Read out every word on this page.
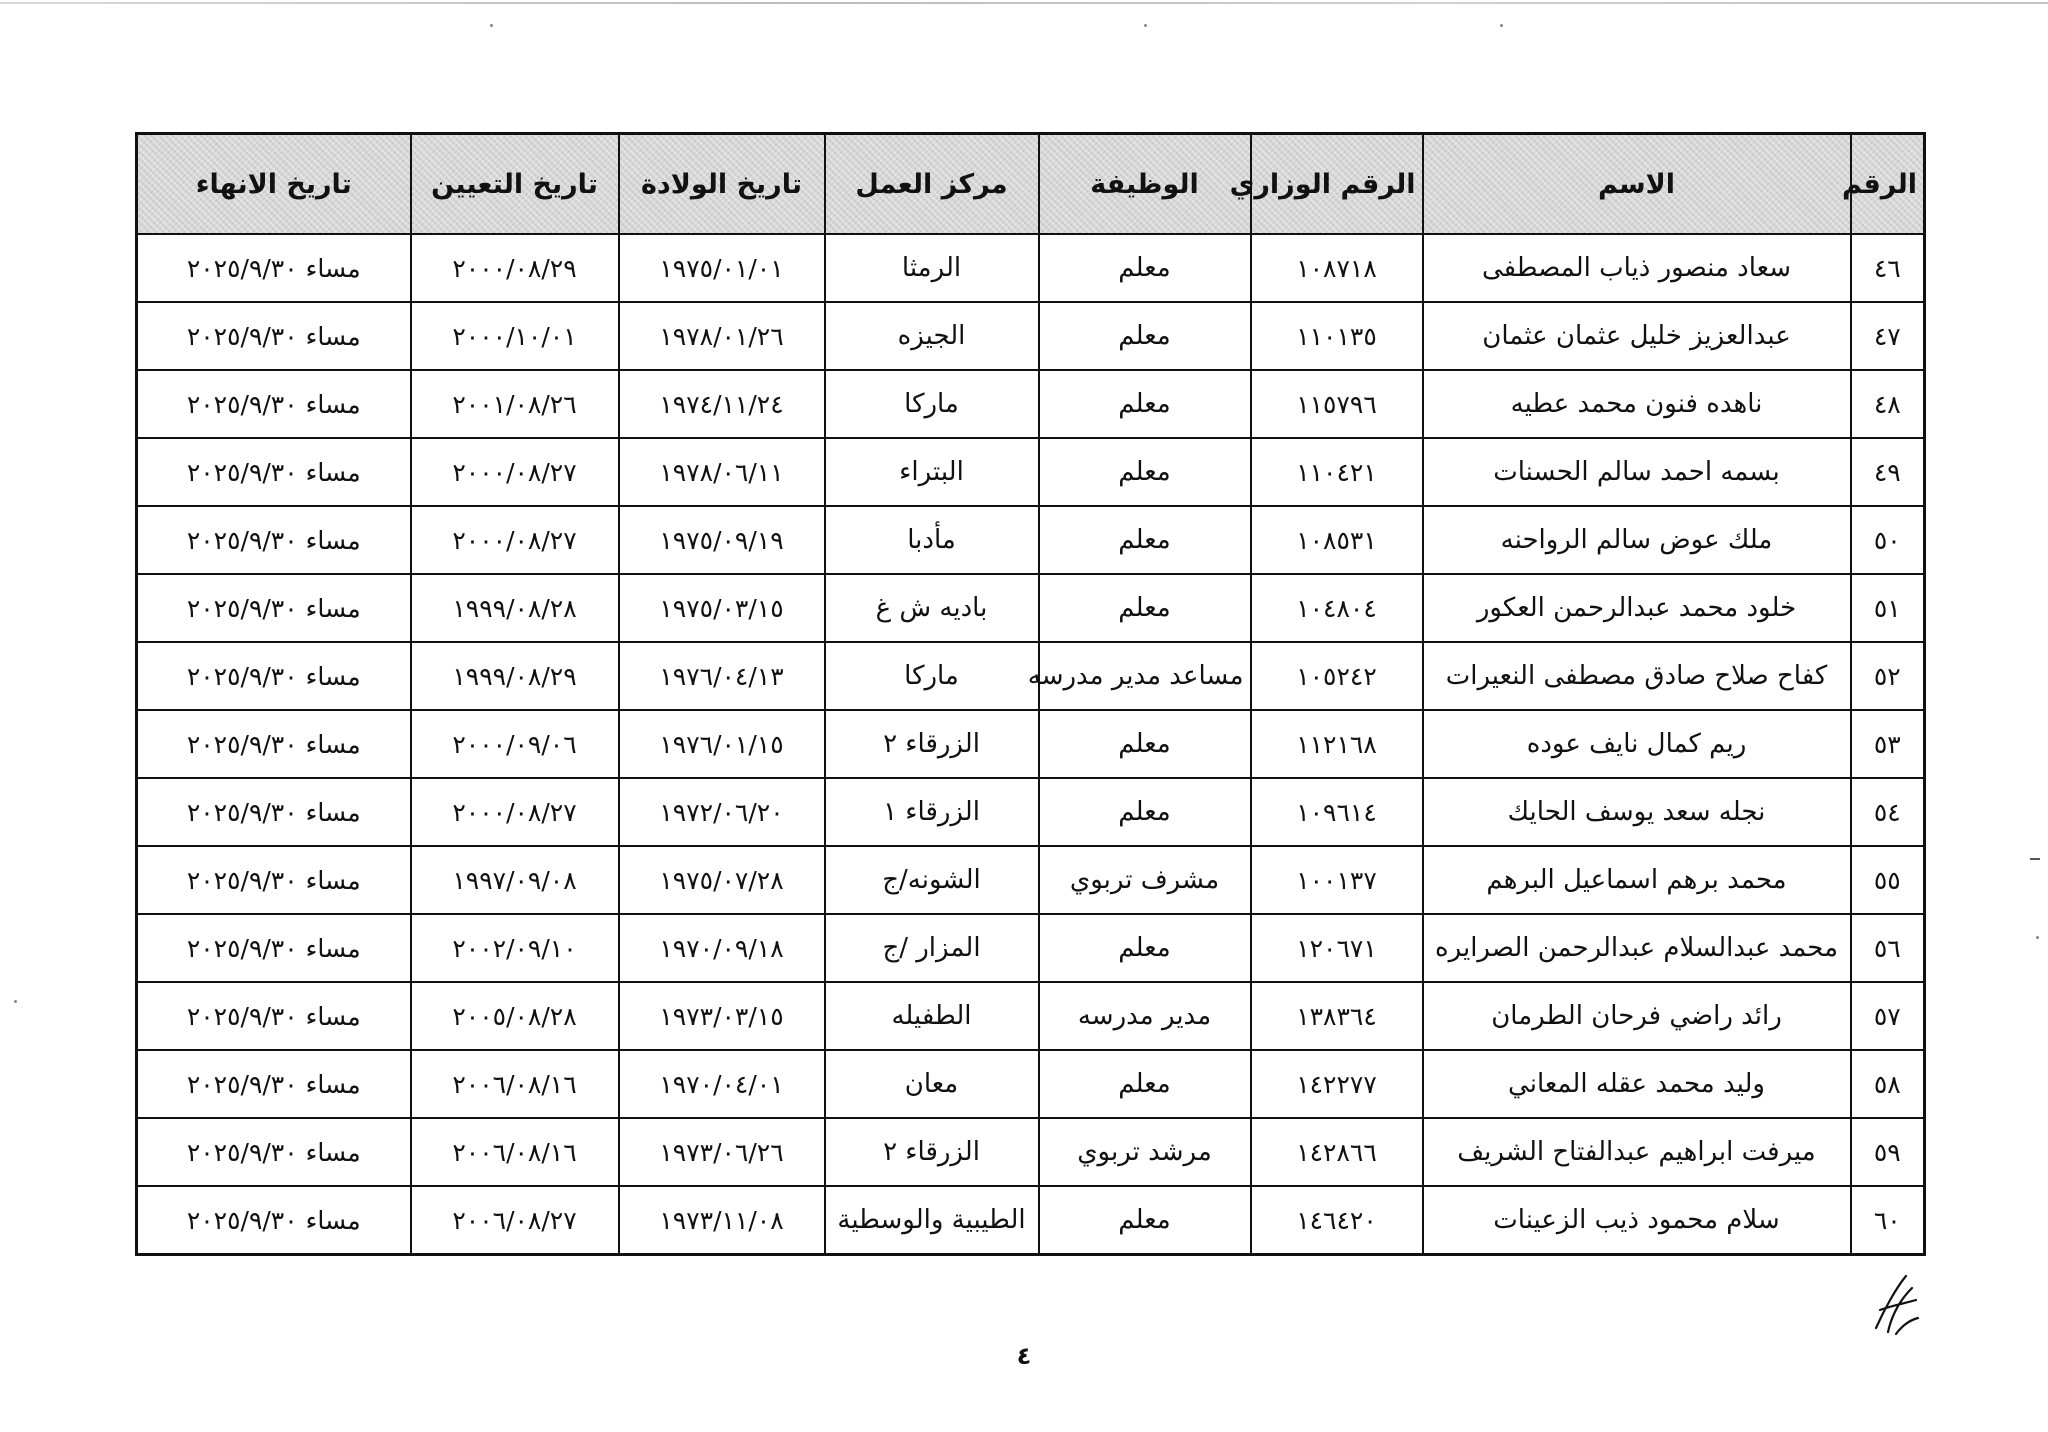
الرقم	الاسم	الرقم الوزاري	الوظيفة	مركز العمل	تاريخ الولادة	تاريخ التعيين	تاريخ الانهاء
٤٦	سعاد منصور ذياب المصطفى	١٠٨٧١٨	معلم	الرمثا	١٩٧٥/٠١/٠١	٢٠٠٠/٠٨/٢٩	مساء ٢٠٢٥/٩/٣٠
٤٧	عبدالعزيز خليل عثمان عثمان	١١٠١٣٥	معلم	الجيزه	١٩٧٨/٠١/٢٦	٢٠٠٠/١٠/٠١	مساء ٢٠٢٥/٩/٣٠
٤٨	ناهده فنون محمد عطيه	١١٥٧٩٦	معلم	ماركا	١٩٧٤/١١/٢٤	٢٠٠١/٠٨/٢٦	مساء ٢٠٢٥/٩/٣٠
٤٩	بسمه احمد سالم الحسنات	١١٠٤٢١	معلم	البتراء	١٩٧٨/٠٦/١١	٢٠٠٠/٠٨/٢٧	مساء ٢٠٢٥/٩/٣٠
٥٠	ملك عوض سالم الرواحنه	١٠٨٥٣١	معلم	مأدبا	١٩٧٥/٠٩/١٩	٢٠٠٠/٠٨/٢٧	مساء ٢٠٢٥/٩/٣٠
٥١	خلود محمد عبدالرحمن العكور	١٠٤٨٠٤	معلم	باديه ش غ	١٩٧٥/٠٣/١٥	١٩٩٩/٠٨/٢٨	مساء ٢٠٢٥/٩/٣٠
٥٢	كفاح صلاح صادق مصطفى النعيرات	١٠٥٢٤٢	مساعد مدير مدرسه	ماركا	١٩٧٦/٠٤/١٣	١٩٩٩/٠٨/٢٩	مساء ٢٠٢٥/٩/٣٠
٥٣	ريم كمال نايف عوده	١١٢١٦٨	معلم	الزرقاء ٢	١٩٧٦/٠١/١٥	٢٠٠٠/٠٩/٠٦	مساء ٢٠٢٥/٩/٣٠
٥٤	نجله سعد يوسف الحايك	١٠٩٦١٤	معلم	الزرقاء ١	١٩٧٢/٠٦/٢٠	٢٠٠٠/٠٨/٢٧	مساء ٢٠٢٥/٩/٣٠
٥٥	محمد برهم اسماعيل البرهم	١٠٠١٣٧	مشرف تربوي	الشونه/ج	١٩٧٥/٠٧/٢٨	١٩٩٧/٠٩/٠٨	مساء ٢٠٢٥/٩/٣٠
٥٦	محمد عبدالسلام عبدالرحمن الصرايره	١٢٠٦٧١	معلم	المزار /ج	١٩٧٠/٠٩/١٨	٢٠٠٢/٠٩/١٠	مساء ٢٠٢٥/٩/٣٠
٥٧	رائد راضي فرحان الطرمان	١٣٨٣٦٤	مدير مدرسه	الطفيله	١٩٧٣/٠٣/١٥	٢٠٠٥/٠٨/٢٨	مساء ٢٠٢٥/٩/٣٠
٥٨	وليد محمد عقله المعاني	١٤٢٢٧٧	معلم	معان	١٩٧٠/٠٤/٠١	٢٠٠٦/٠٨/١٦	مساء ٢٠٢٥/٩/٣٠
٥٩	ميرفت ابراهيم عبدالفتاح الشريف	١٤٢٨٦٦	مرشد تربوي	الزرقاء ٢	١٩٧٣/٠٦/٢٦	٢٠٠٦/٠٨/١٦	مساء ٢٠٢٥/٩/٣٠
٦٠	سلام محمود ذيب الزعينات	١٤٦٤٢٠	معلم	الطيبية والوسطية	١٩٧٣/١١/٠٨	٢٠٠٦/٠٨/٢٧	مساء ٢٠٢٥/٩/٣٠
٤
